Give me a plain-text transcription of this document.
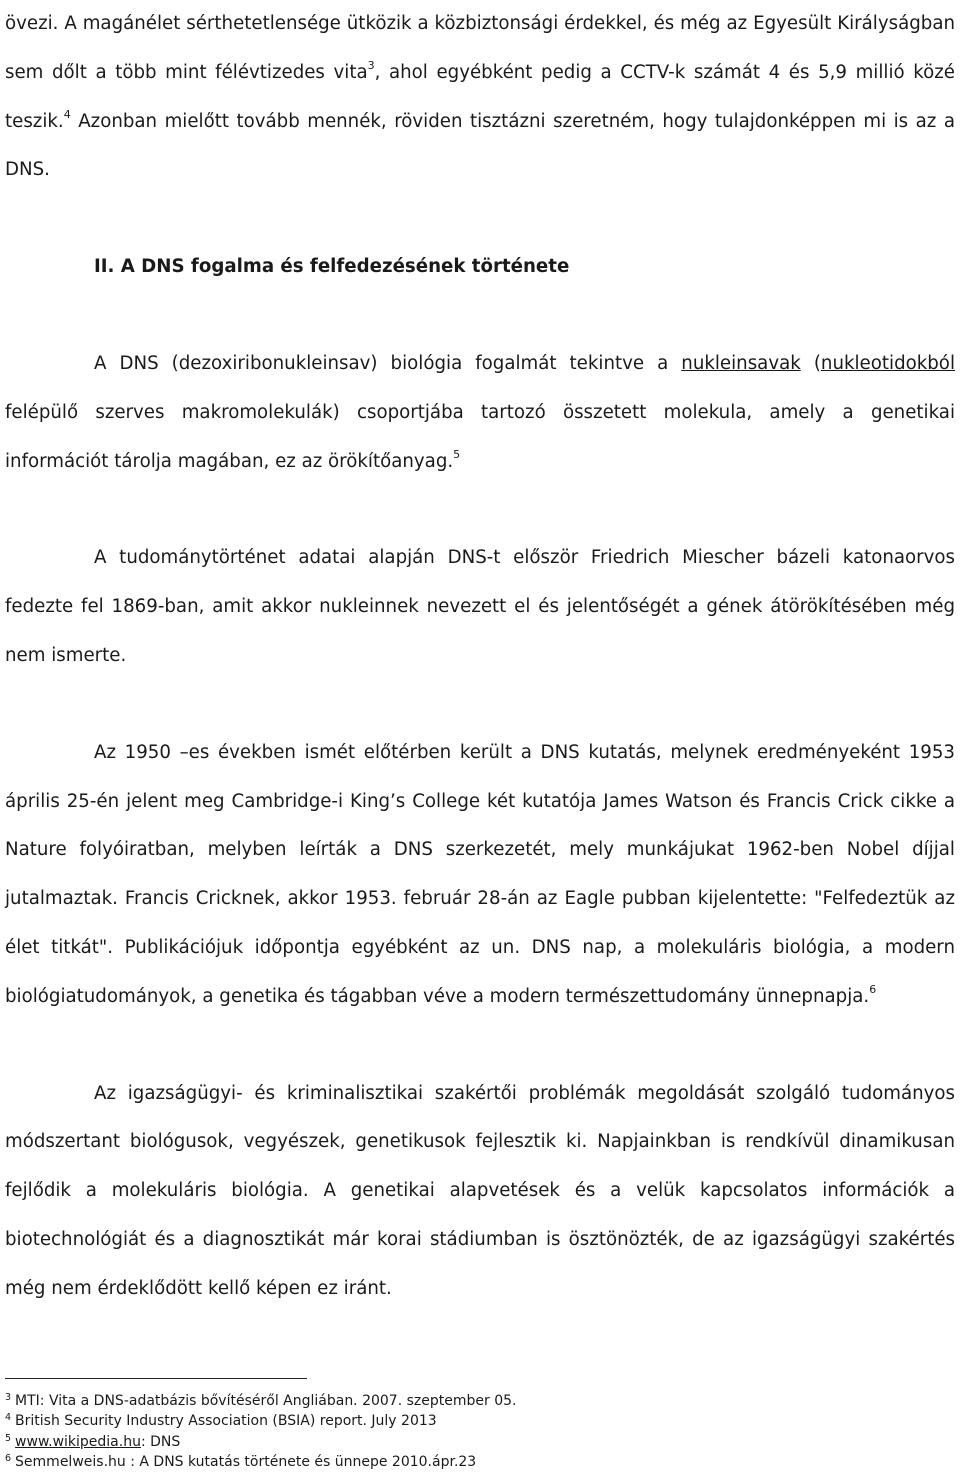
övezi. A magánélet sérthetetlensége ütközik a közbiztonsági érdekkel, és még az Egyesült Királyságban sem dőlt a több mint félévtizedes vita$^3$, ahol egyébként pedig a CCTV-k számát 4 és 5,9 millió közé teszik.$^4$ Azonban mielőtt tovább mennék, röviden tisztázni szeretném, hogy tulajdonképpen mi is az a DNS.

II. A DNS fogalma és felfedezésének története

A DNS (dezoxiribonukleinsav) biológia fogalmát tekintve a nukleinsavak (nukleotidokból felépülő szerves makromolekulák) csoportjába tartozó összetett molekula, amely a genetikai információt tárolja magában, ez az örökítőanyag.$^5$

A tudománytörténet adatai alapján DNS-t először Friedrich Miescher bázeli katonaorvos fedezte fel 1869-ban, amit akkor nukleinnek nevezett el és jelentőségét a gének átörökítésében még nem ismerte.

Az 1950 –es években ismét előtérben került a DNS kutatás, melynek eredményeként 1953 április 25-én jelent meg Cambridge-i King’s College két kutatója James Watson és Francis Crick cikke a Nature folyóiratban, melyben leírták a DNS szerkezetét, mely munkájukat 1962-ben Nobel díjjal jutalmaztak. Francis Cricknek, akkor 1953. február 28-án az Eagle pubban kijelentette: "Felfedeztük az élet titkát". Publikációjuk időpontja egyébként az un. DNS nap, a molekuláris biológia, a modern biológiatudományok, a genetika és tágabban véve a modern természettudomány ünnepnapja.$^6$

Az igazságügyi- és kriminalisztikai szakértői problémák megoldását szolgáló tudományos módszertant biológusok, vegyészek, genetikusok fejlesztik ki. Napjainkban is rendkívül dinamikusan fejlődik a molekuláris biológia. A genetikai alapvetések és a velük kapcsolatos információk a biotechnológiát és a diagnosztikát már korai stádiumban is ösztönözték, de az igazságügyi szakértés még nem érdeklődött kellő képen ez iránt.

$^3$ MTI: Vita a DNS-adatbázis bővítéséről Angliában. 2007. szeptember 05.
$^4$ British Security Industry Association (BSIA) report. July 2013
$^5$ www.wikipedia.hu: DNS
$^6$ Semmelweis.hu : A DNS kutatás története és ünnepe 2010.ápr.23
